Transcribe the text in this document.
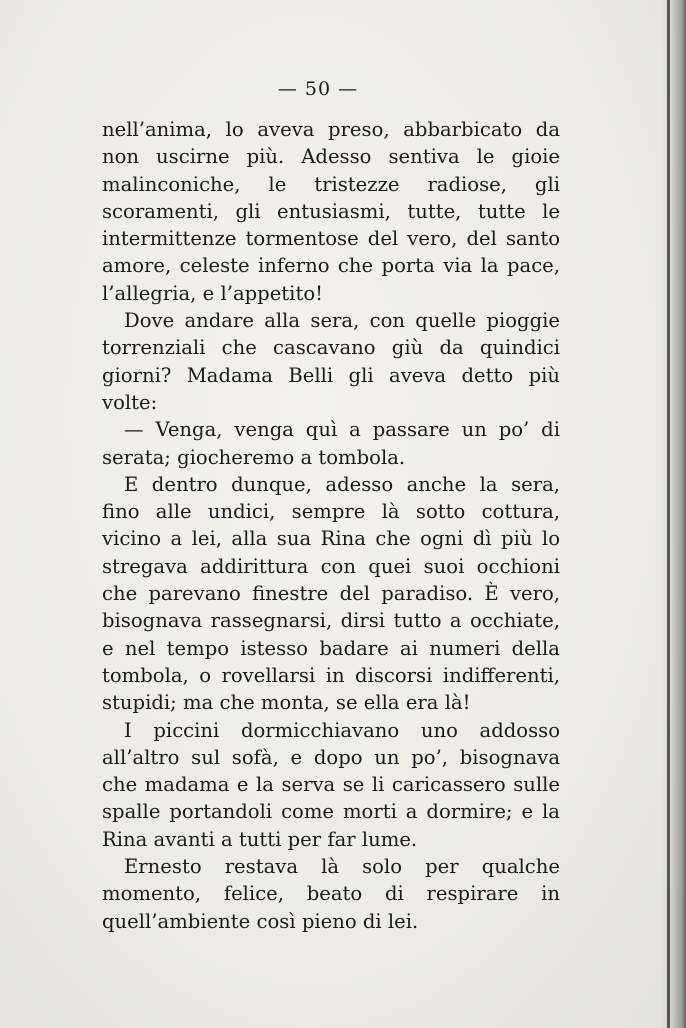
— 50 —

nell’anima, lo aveva preso, abbarbicato da non uscirne più. Adesso sentiva le gioie malinconiche, le tristezze radiose, gli scoramenti, gli entusiasmi, tutte, tutte le intermittenze tormentose del vero, del santo amore, celeste inferno che porta via la pace, l’allegria, e l’appetito!

Dove andare alla sera, con quelle pioggie torrenziali che cascavano giù da quindici giorni? Madama Belli gli aveva detto più volte:

— Venga, venga quì a passare un po’ di serata; giocheremo a tombola.

E dentro dunque, adesso anche la sera, fino alle undici, sempre là sotto cottura, vicino a lei, alla sua Rina che ogni dì più lo stregava addirittura con quei suoi occhioni che parevano finestre del paradiso. È vero, bisognava rassegnarsi, dirsi tutto a occhiate, e nel tempo istesso badare ai numeri della tombola, o rovellarsi in discorsi indifferenti, stupidi; ma che monta, se ella era là!

I piccini dormicchiavano uno addosso all’altro sul sofà, e dopo un po’, bisognava che madama e la serva se li caricassero sulle spalle portandoli come morti a dormire; e la Rina avanti a tutti per far lume.

Ernesto restava là solo per qualche momento, felice, beato di respirare in quell’ambiente così pieno di lei.
